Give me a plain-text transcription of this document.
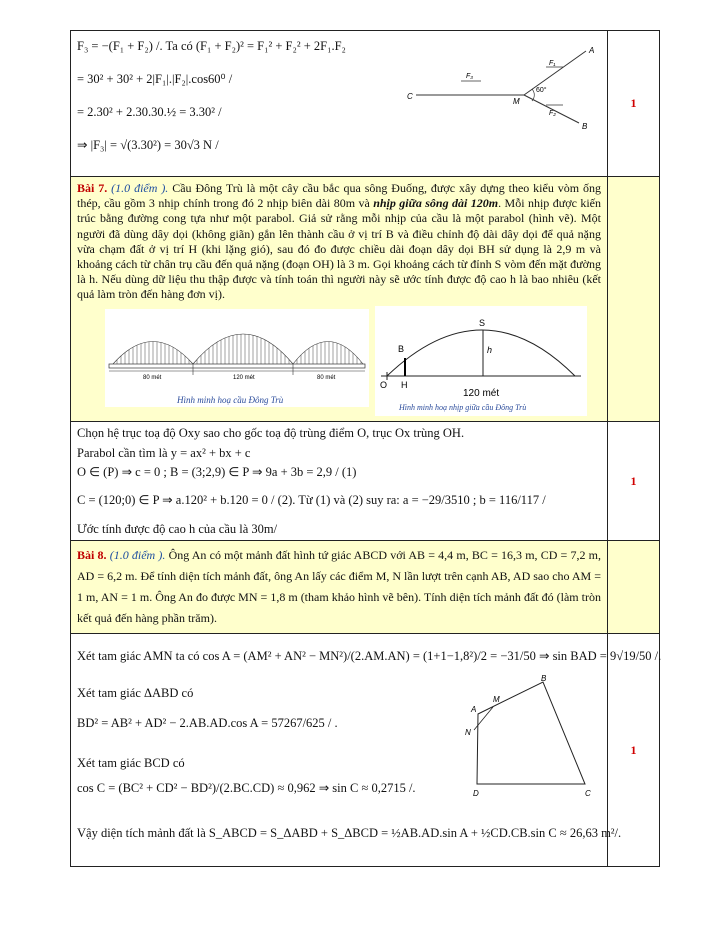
F₃ = −(F₁ + F₂) /. Ta có (F₁ + F₂)² = F₁² + F₂² + 2F₁.F₂
= 30² + 30² + 2|F₁|.|F₂|.cos60⁰ /
= 2.30² + 2.30.30.½ = 3.30² /
⇒ |F₃| = √(3.30²) = 30√3 N /
C
M
A
B
F₃
F₁
F₂
60°
1
Bài 7. (1.0 điểm ). Cầu Đông Trù là một cây cầu bắc qua sông Đuống, được xây dựng theo kiểu vòm ống thép, cầu gồm 3 nhịp chính trong đó 2 nhịp biên dài 80m và nhịp giữa sông dài 120m. Mỗi nhịp được kiến trúc bằng đường cong tựa như một parabol. Giả sử rằng mỗi nhịp của cầu là một parabol (hình vẽ). Một người đã dùng dây dọi (không giãn) gắn lên thành cầu ở vị trí B và điều chỉnh độ dài dây dọi để quả nặng vừa chạm đất ở vị trí H (khi lặng gió), sau đó đo được chiều dài đoạn dây dọi BH sử dụng là 2,9 m và khoảng cách từ chân trụ cầu đến quả nặng (đoạn OH) là 3 m. Gọi khoảng cách từ đỉnh S vòm đến mặt đường là h. Nếu dùng dữ liệu thu thập được và tính toán thì người này sẽ ước tính được độ cao h là bao nhiêu (kết quả làm tròn đến hàng đơn vị).
80 mét	120 mét	80 mét
Hình minh hoạ cầu Đông Trù
S
B	h
O H
120 mét
Hình minh hoạ nhịp giữa cầu Đông Trù
Chọn hệ trục toạ độ Oxy sao cho gốc toạ độ trùng điểm O, trục Ox trùng OH.
Parabol cần tìm là y = ax² + bx + c
O ∈ (P) ⇒ c = 0 ; B = (3;2,9) ∈ P ⇒ 9a + 3b = 2,9 / (1)
C = (120;0) ∈ P ⇒ a.120² + b.120 = 0 / (2). Từ (1) và (2) suy ra: a = −29/3510 ; b = 116/117 /
Ước tính được độ cao h của cầu là 30m/
1
Bài 8. (1.0 điểm ). Ông An có một mảnh đất hình tứ giác ABCD với AB = 4,4 m, BC = 16,3 m, CD = 7,2 m, AD = 6,2 m. Để tính diện tích mảnh đất, ông An lấy các điểm M, N lần lượt trên cạnh AB, AD sao cho AM = 1 m, AN = 1 m. Ông An đo được MN = 1,8 m (tham khảo hình vẽ bên). Tính diện tích mảnh đất đó (làm tròn kết quả đến hàng phần trăm).
Xét tam giác AMN ta có cos A = (AM² + AN² − MN²)/(2.AM.AN) = (1+1−1,8²)/2 = −31/50 ⇒ sin BAD = 9√19/50 /.
Xét tam giác ΔABD có
BD² = AB² + AD² − 2.AB.AD.cos A = 57267/625 / .
Xét tam giác BCD có
cos C = (BC² + CD² − BD²)/(2.BC.CD) ≈ 0,962 ⇒ sin C ≈ 0,2715 /.
Vậy diện tích mảnh đất là S_ABCD = S_ΔABD + S_ΔBCD = ½AB.AD.sin A + ½CD.CB.sin C ≈ 26,63 m²/.
A
B
C
D
M
N
1
